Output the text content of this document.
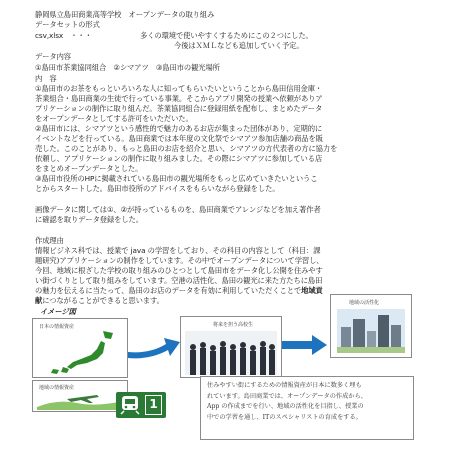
静岡県立島田商業高等学校　オープンデータの取り組み
データセットの形式
csv,xlsx　・・・	多くの環境で使いやすくするためにこの２つにした。
今後はＸＭＬなども追加していく予定。
データ内容
①島田市茶業協同組合　②シマアツ　③島田市の観光場所
内　容
①島田市のお茶をもっといろいろな人に知ってもらいたいということから島田信用金庫・
茶業組合・島田商業の生徒で行っている事業。そこからアプリ開発の授業へ依頼がありア
プリケーションの制作に取り組んだ。茶業協同組合に登録用紙を配布し、まとめたデータ
をオープンデータとしてする許可をいただいた。
②島田市には、シマアツという感性的で魅力のあるお店が集まった団体があり、定期的に
イベントなどを行っている。島田商業では本年度の文化祭でシマアツ参加店舗の商品を販
売した。このことがあり、もっと島田のお店を紹介と思い、シマアツの方代表者の方に協力を
依頼し、アプリケーションの制作に取り組みました。その際にシマアツに参加している店
をまとめオープンデータとした。
③島田市役所のHPに掲載されている島田市の観光場所をもっと広めていきたいというこ
とからスタートした。島田市役所のアドバイスをもらいながら登録をした。
画像データに関しては①、②が持っているものを、島田商業でアレンジなどを加え著作者
に確認を取りデータ登録をした。
作成理由
情報ビジネス科では、授業で java の学習をしており、その科目の内容として（科目：課
題研究)アプリケーションの制作をしています。その中でオープンデータについて学習し、
今回、地域に根ざした学校の取り組みのひとつとして島田市をデータ化し公開を住みやす
い街づくりとして取り組みをしています。空港の活性化、島田の観光に来た方たちに島田
の魅力を伝えるに当たって、島田のお店のデータを有効に利用していただくことで地域貢
献につながることができると思います。
イメージ図
日本の情報資産
地域の情報資産
1
将来を担う高校生
地域の活性化
住みやすい街にするための情報資産が日本に数多く埋も
れています。島田商業では、オープンデータの作成から、
App の作成までを行い、地域の活性化を目指し、授業の
中での学習を通し、ITのスペシャリストの育成をする。
